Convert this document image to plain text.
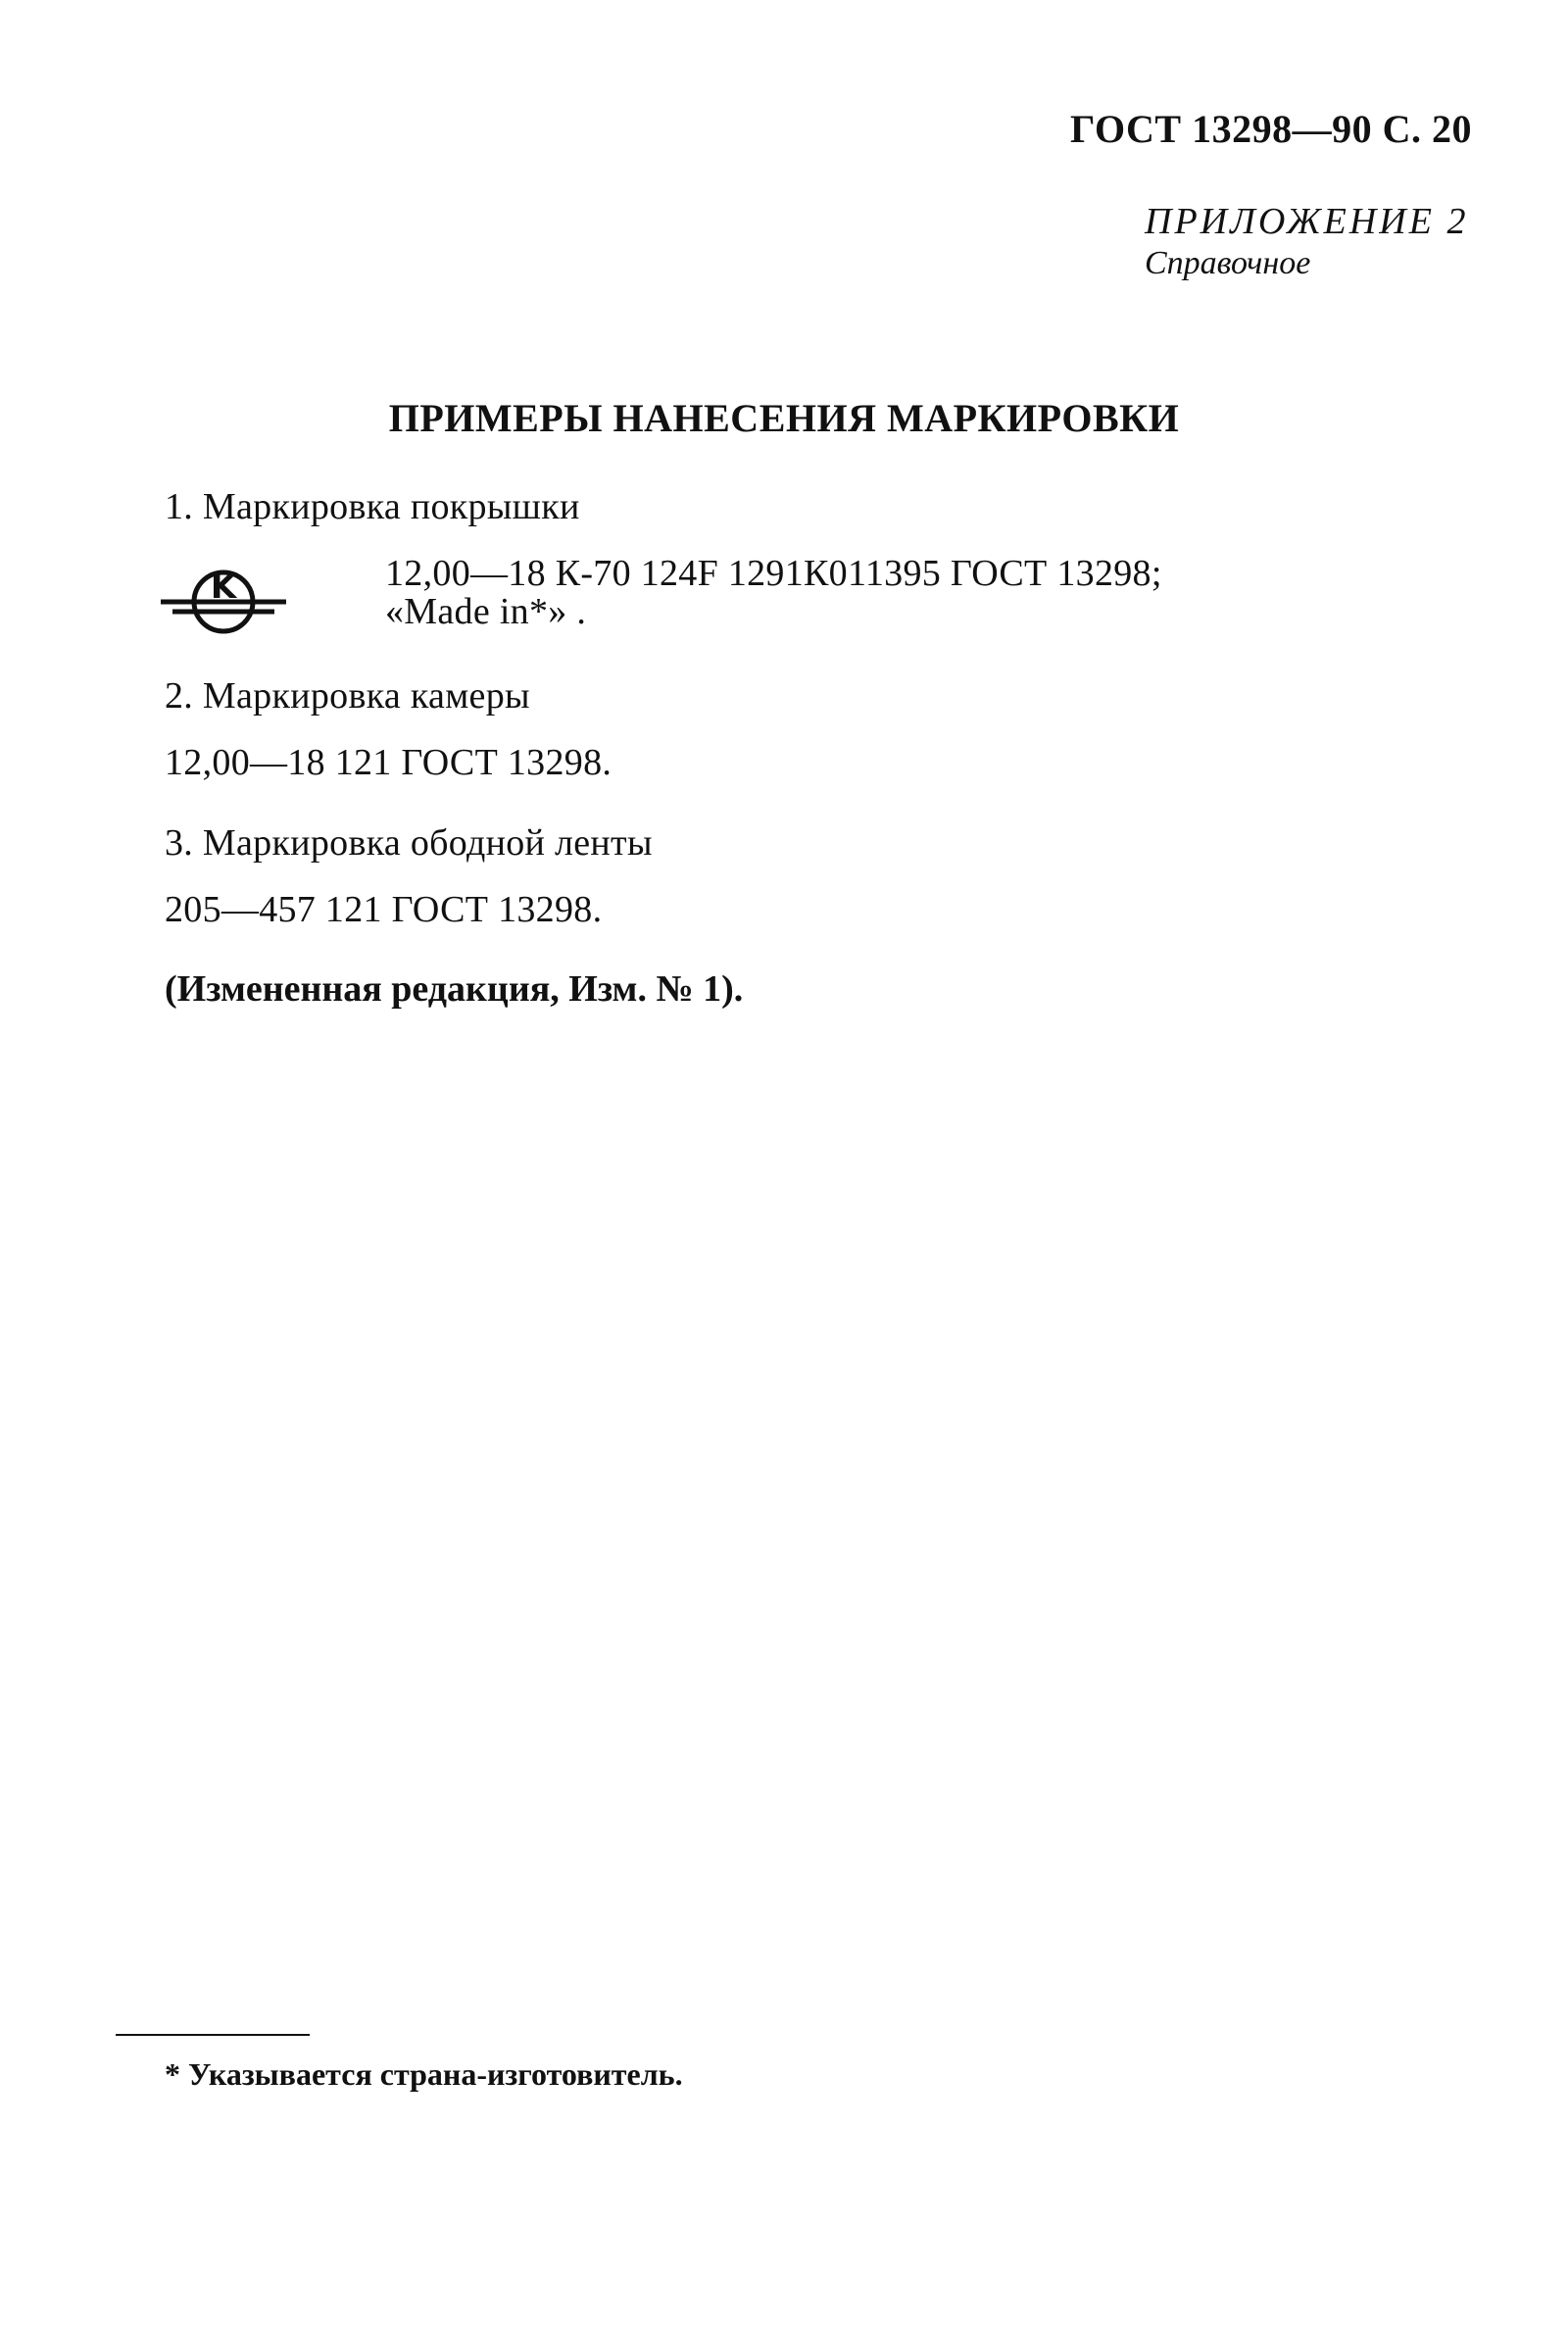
ГОСТ 13298—90 С. 20
ПРИЛОЖЕНИЕ 2
Справочное
ПРИМЕРЫ НАНЕСЕНИЯ МАРКИРОВКИ
1. Маркировка покрышки
K	12,00—18 К-70 124F 1291К011395 ГОСТ 13298;
«Made in*» .
2. Маркировка камеры
12,00—18 121 ГОСТ 13298.
3. Маркировка ободной ленты
205—457 121 ГОСТ 13298.
(Измененная редакция, Изм. № 1).
* Указывается страна-изготовитель.
